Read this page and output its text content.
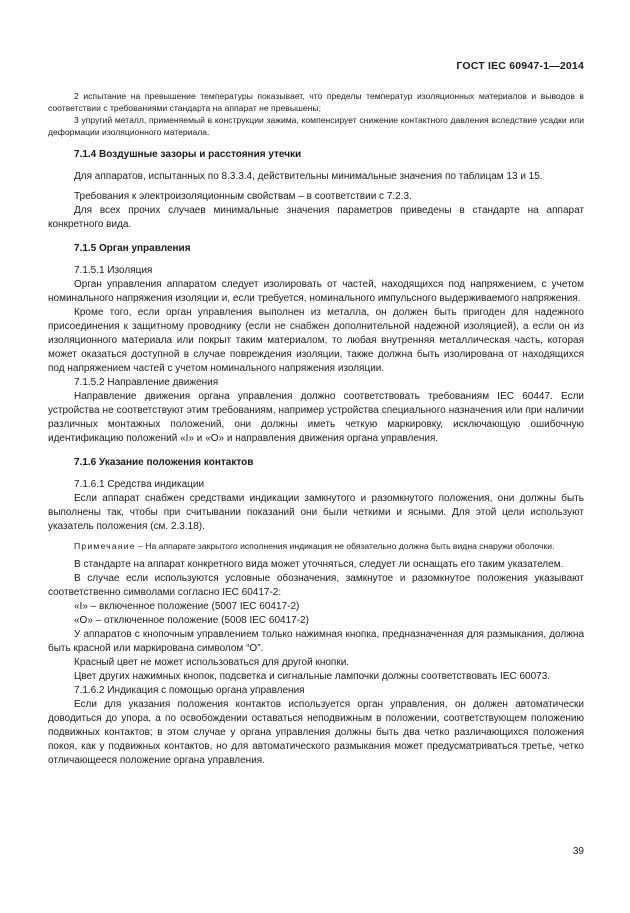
ГОСТ IEC 60947-1—2014

2 испытание на превышение температуры показывает, что пределы температур изоляционных материалов и выводов в соответствии с требованиями стандарта на аппарат не превышены;

3 упругий металл, применяемый в конструкции зажима, компенсирует снижение контактного давления вследствие усадки или деформации изоляционного материала.

7.1.4 Воздушные зазоры и расстояния утечки

Для аппаратов, испытанных по 8.3.3.4, действительны минимальные значения по таблицам 13 и 15.

Требования к электроизоляционным свойствам – в соответствии с 7.2.3.

Для всех прочих случаев минимальные значения параметров приведены в стандарте на аппарат конкретного вида.

7.1.5 Орган управления

7.1.5.1 Изоляция

Орган управления аппаратом следует изолировать от частей, находящихся под напряжением, с учетом номинального напряжения изоляции и, если требуется, номинального импульсного выдерживаемого напряжения.

Кроме того, если орган управления выполнен из металла, он должен быть пригоден для надежного присоединения к защитному проводнику (если не снабжен дополнительной надежной изоляцией), а если он из изоляционного материала или покрыт таким материалом, то любая внутренняя металлическая часть, которая может оказаться доступной в случае повреждения изоляции, также должна быть изолирована от находящихся под напряжением частей с учетом номинального напряжения изоляции.

7.1.5.2 Направление движения

Направление движения органа управления должно соответствовать требованиям IEC 60447. Если устройства не соответствуют этим требованиям, например устройства специального назначения или при наличии различных монтажных положений, они должны иметь четкую маркировку, исключающую ошибочную идентификацию положений «I» и «O» и направления движения органа управления.

7.1.6 Указание положения контактов

7.1.6.1 Средства индикации

Если аппарат снабжен средствами индикации замкнутого и разомкнутого положения, они должны быть выполнены так, чтобы при считывании показаний они были четкими и ясными. Для этой цели используют указатель положения (см. 2.3.18).

Примечание – На аппарате закрытого исполнения индикация не обязательно должна быть видна снаружи оболочки.

В стандарте на аппарат конкретного вида может уточняться, следует ли оснащать его таким указателем.

В случае если используются условные обозначения, замкнутое и разомкнутое положения указывают соответственно символами согласно IEC 60417-2:

«I» – включенное положение (5007 IEC 60417-2)

«O» – отключенное положение (5008 IEC 60417-2)

У аппаратов с кнопочным управлением только нажимная кнопка, предназначенная для размыкания, должна быть красной или маркирована символом “O”.

Красный цвет не может использоваться для другой кнопки.

Цвет других нажимных кнопок, подсветка и сигнальные лампочки должны соответствовать IEC 60073.

7.1.6.2 Индикация с помощью органа управления

Если для указания положения контактов используется орган управления, он должен автоматически доводиться до упора, а по освобождении оставаться неподвижным в положении, соответствующем положению подвижных контактов; в этом случае у органа управления должны быть два четко различающихся положения покоя, как у подвижных контактов, но для автоматического размыкания может предусматриваться третье, четко отличающееся положение органа управления.

39
